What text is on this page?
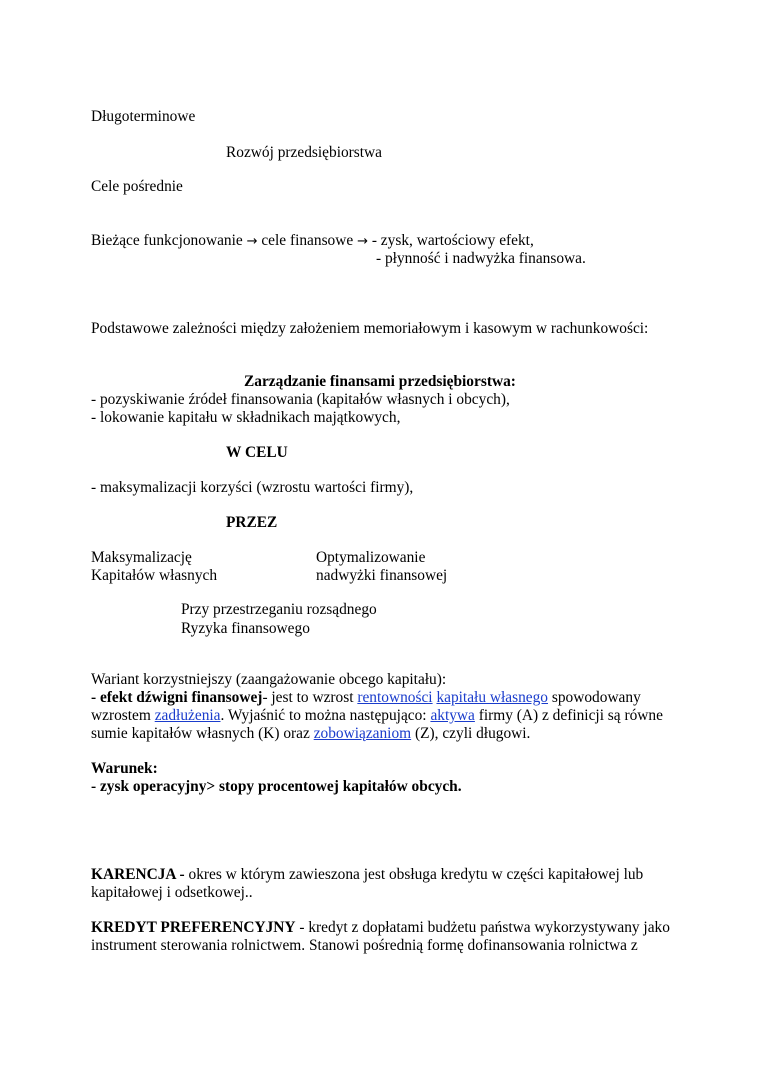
Długoterminowe
Rozwój przedsiębiorstwa
Cele pośrednie
Bieżące funkcjonowanie → cele finansowe → - zysk, wartościowy efekt,
- płynność i nadwyżka finansowa.
Podstawowe zależności między założeniem memoriałowym i kasowym w rachunkowości:
Zarządzanie finansami przedsiębiorstwa:
- pozyskiwanie źródeł finansowania (kapitałów własnych i obcych),
- lokowanie kapitału w składnikach majątkowych,
W CELU
- maksymalizacji korzyści (wzrostu wartości firmy),
PRZEZ
Maksymalizację
Kapitałów własnych
Optymalizowanie
nadwyżki finansowej
Przy przestrzeganiu rozsądnego
Ryzyka finansowego
Wariant korzystniejszy (zaangażowanie obcego kapitału):
- efekt dźwigni finansowej- jest to wzrost rentowności kapitału własnego spowodowany
wzrostem zadłużenia. Wyjaśnić to można następująco: aktywa firmy (A) z definicji są równe
sumie kapitałów własnych (K) oraz zobowiązaniom (Z), czyli długowi.
Warunek:
- zysk operacyjny> stopy procentowej kapitałów obcych.
KARENCJA - okres w którym zawieszona jest obsługa kredytu w części kapitałowej lub
kapitałowej i odsetkowej..
KREDYT PREFERENCYJNY - kredyt z dopłatami budżetu państwa wykorzystywany jako
instrument sterowania rolnictwem. Stanowi pośrednią formę dofinansowania rolnictwa z
